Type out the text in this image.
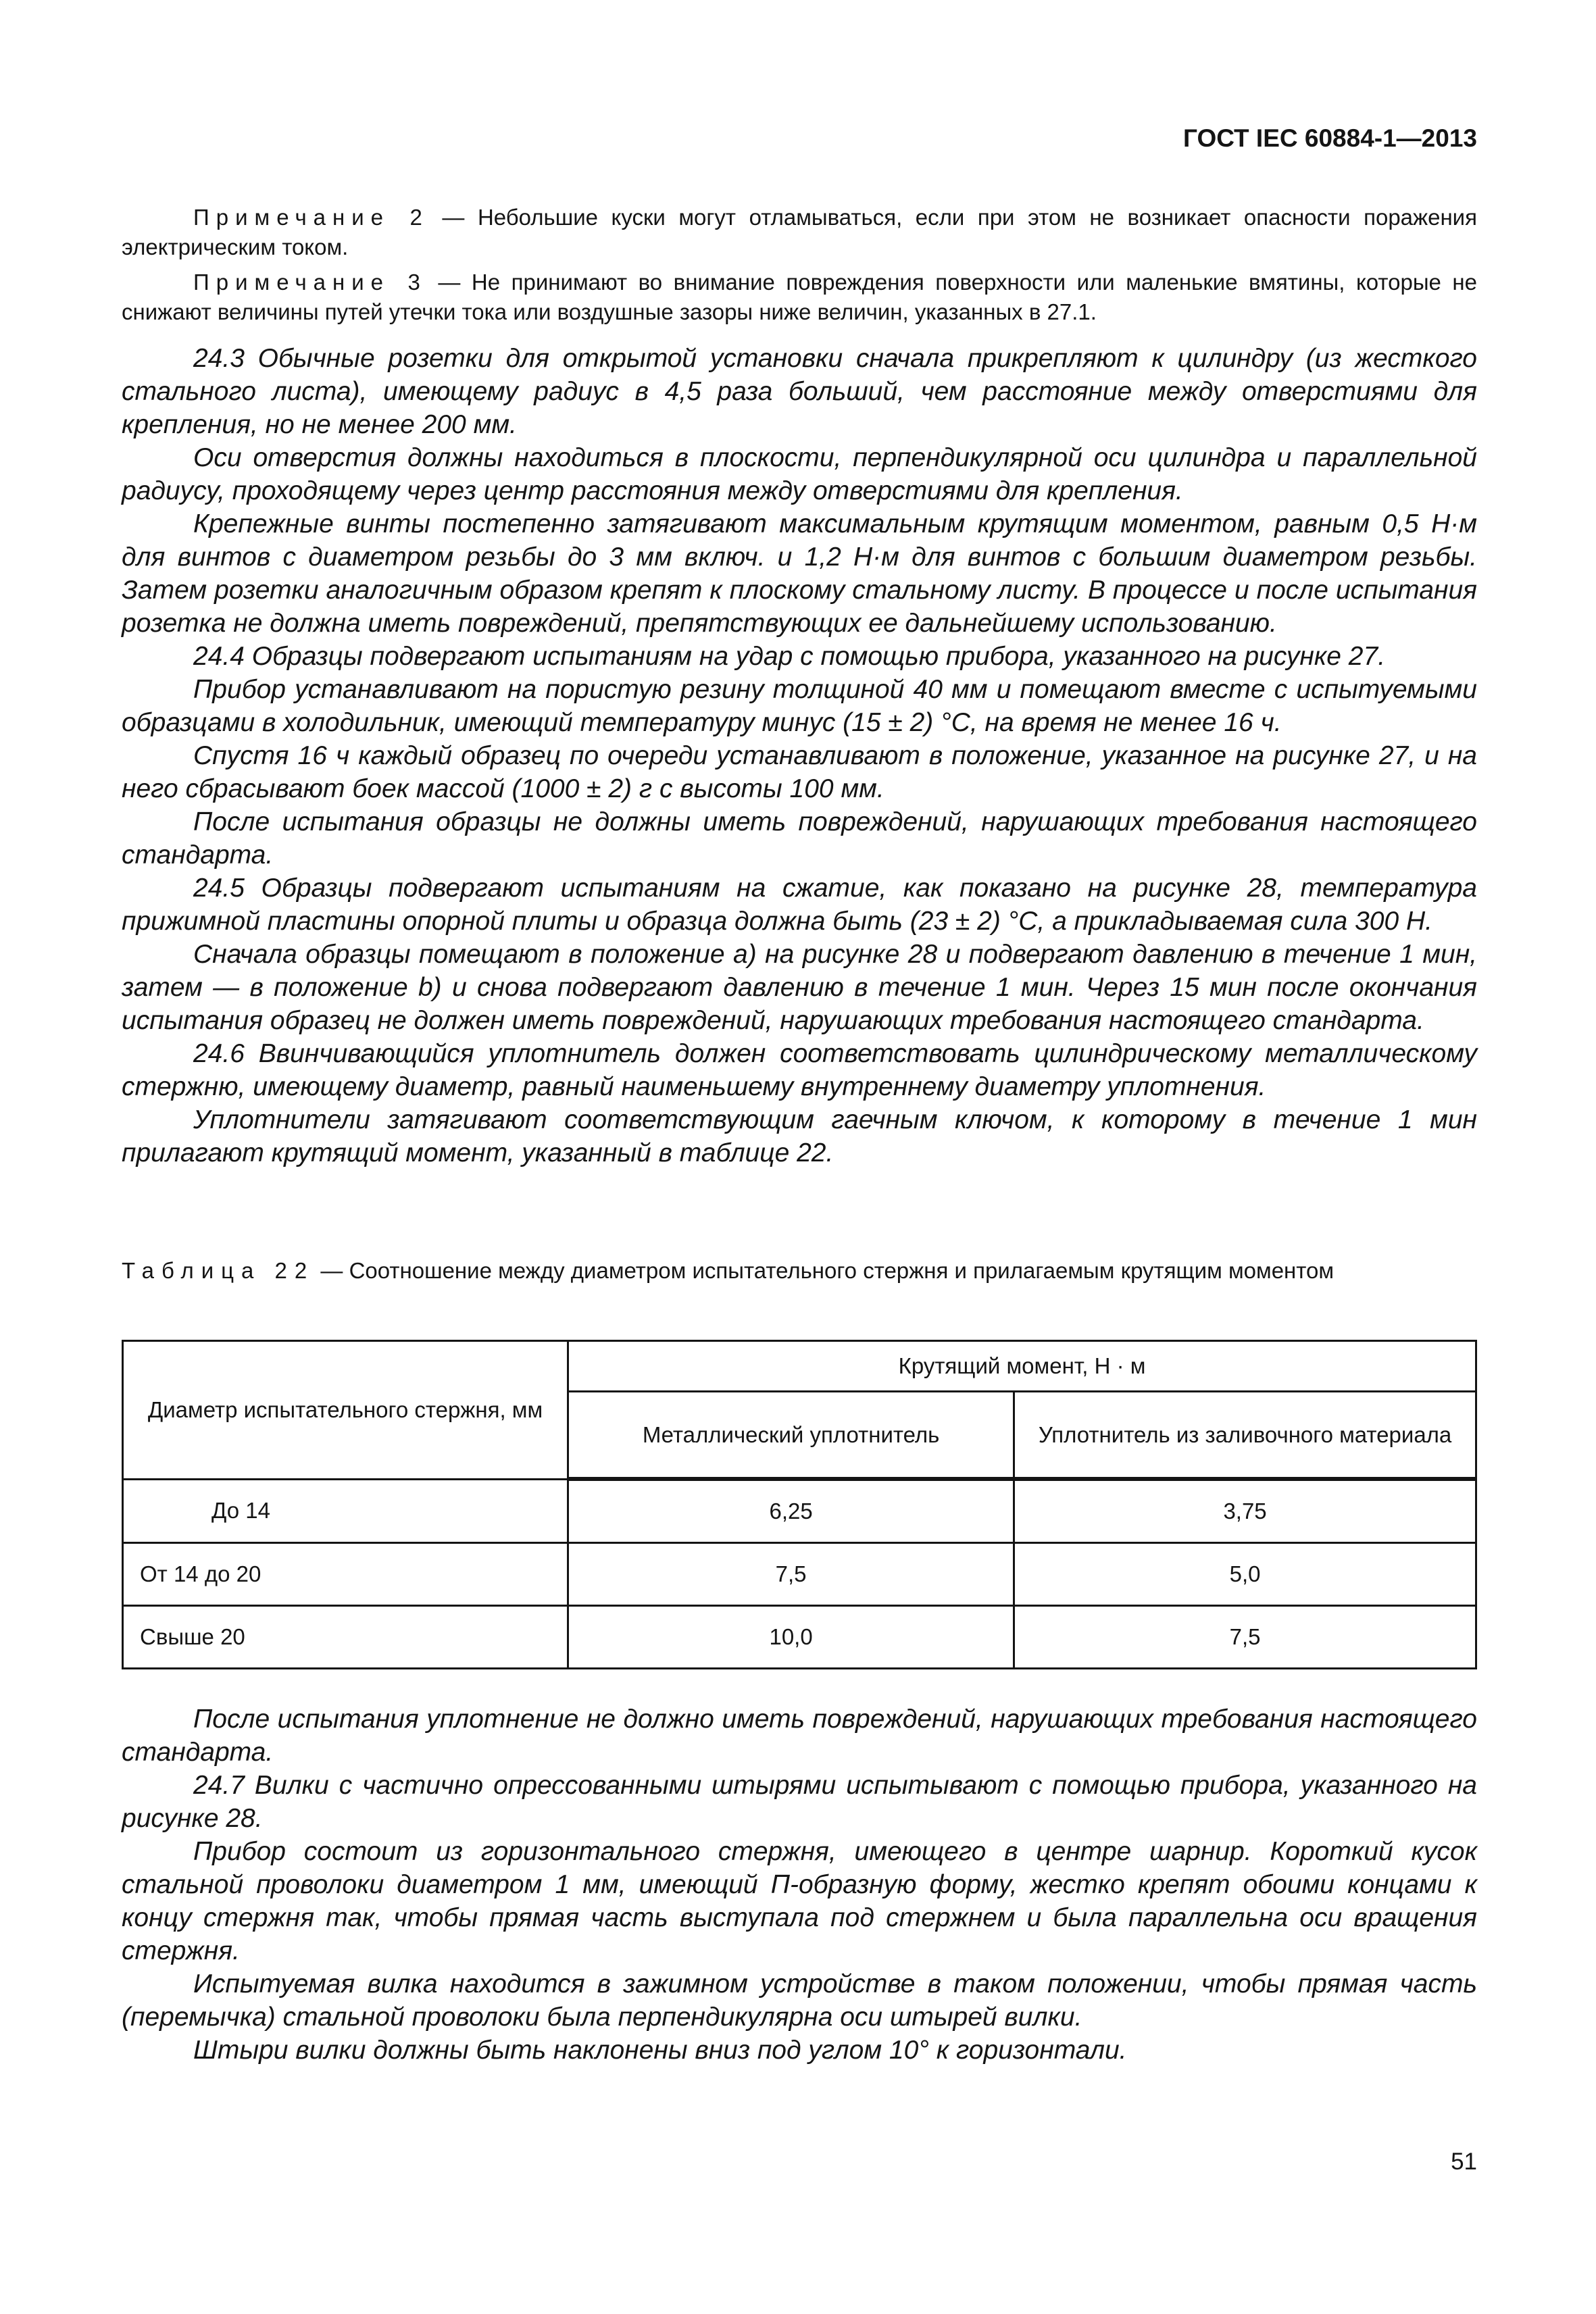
ГОСТ IEC 60884-1—2013

Примечание 2 — Небольшие куски могут отламываться, если при этом не возникает опасности поражения электрическим током.

Примечание 3 — Не принимают во внимание повреждения поверхности или маленькие вмятины, которые не снижают величины путей утечки тока или воздушные зазоры ниже величин, указанных в 27.1.

24.3 Обычные розетки для открытой установки сначала прикрепляют к цилиндру (из жесткого стального листа), имеющему радиус в 4,5 раза больший, чем расстояние между отверстиями для крепления, но не менее 200 мм.

Оси отверстия должны находиться в плоскости, перпендикулярной оси цилиндра и параллельной радиусу, проходящему через центр расстояния между отверстиями для крепления.

Крепежные винты постепенно затягивают максимальным крутящим моментом, равным 0,5 Н·м для винтов с диаметром резьбы до 3 мм включ. и 1,2 Н·м для винтов с большим диаметром резьбы. Затем розетки аналогичным образом крепят к плоскому стальному листу. В процессе и после испытания розетка не должна иметь повреждений, препятствующих ее дальнейшему использованию.

24.4 Образцы подвергают испытаниям на удар с помощью прибора, указанного на рисунке 27.

Прибор устанавливают на пористую резину толщиной 40 мм и помещают вместе с испытуемыми образцами в холодильник, имеющий температуру минус (15 ± 2) °С, на время не менее 16 ч.

Спустя 16 ч каждый образец по очереди устанавливают в положение, указанное на рисунке 27, и на него сбрасывают боек массой (1000 ± 2) г с высоты 100 мм.

После испытания образцы не должны иметь повреждений, нарушающих требования настоящего стандарта.

24.5 Образцы подвергают испытаниям на сжатие, как показано на рисунке 28, температура прижимной пластины опорной плиты и образца должна быть (23 ± 2) °С, а прикладываемая сила 300 Н.

Сначала образцы помещают в положение a) на рисунке 28 и подвергают давлению в течение 1 мин, затем — в положение b) и снова подвергают давлению в течение 1 мин. Через 15 мин после окончания испытания образец не должен иметь повреждений, нарушающих требования настоящего стандарта.

24.6 Ввинчивающийся уплотнитель должен соответствовать цилиндрическому металлическому стержню, имеющему диаметр, равный наименьшему внутреннему диаметру уплотнения.

Уплотнители затягивают соответствующим гаечным ключом, к которому в течение 1 мин прилагают крутящий момент, указанный в таблице 22.

Таблица 22 — Соотношение между диаметром испытательного стержня и прилагаемым крутящим моментом
Диаметр испытательного стержня, мм	Крутящий момент, Н · м	
	Металлический уплотнитель	Уплотнитель из заливочного материала
До 14	6,25	3,75
От 14 до 20	7,5	5,0
Свыше 20	10,0	7,5

После испытания уплотнение не должно иметь повреждений, нарушающих требования настоящего стандарта.

24.7 Вилки с частично опрессованными штырями испытывают с помощью прибора, указанного на рисунке 28.

Прибор состоит из горизонтального стержня, имеющего в центре шарнир. Короткий кусок стальной проволоки диаметром 1 мм, имеющий П-образную форму, жестко крепят обоими концами к концу стержня так, чтобы прямая часть выступала под стержнем и была параллельна оси вращения стержня.

Испытуемая вилка находится в зажимном устройстве в таком положении, чтобы прямая часть (перемычка) стальной проволоки была перпендикулярна оси штырей вилки.

Штыри вилки должны быть наклонены вниз под углом 10° к горизонтали.

51
